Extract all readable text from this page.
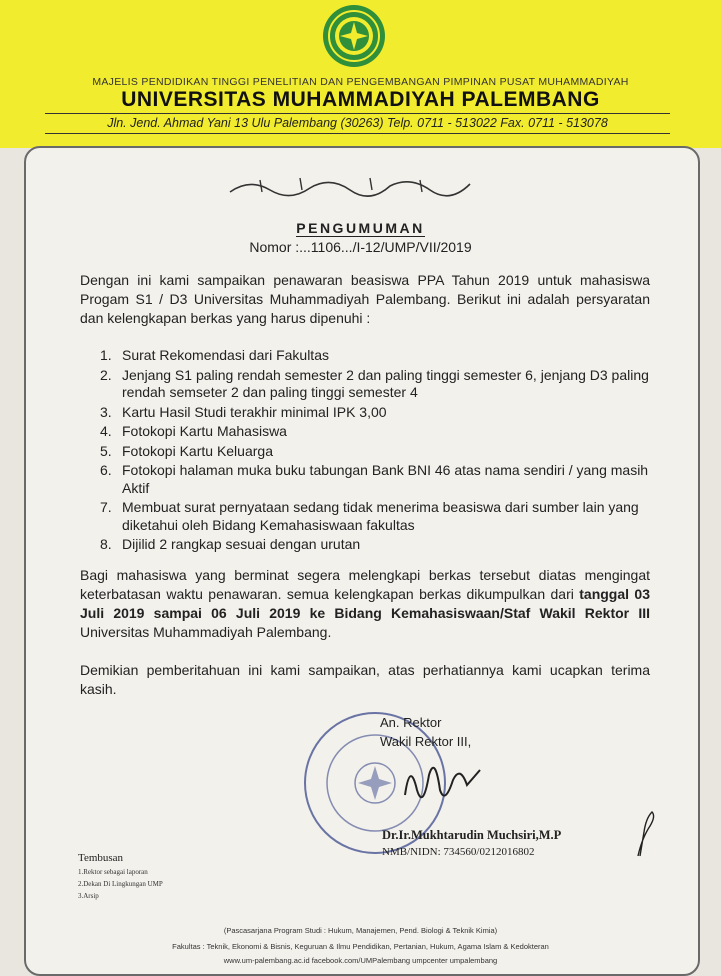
MAJELIS PENDIDIKAN TINGGI PENELITIAN DAN PENGEMBANGAN PIMPINAN PUSAT MUHAMMADIYAH
UNIVERSITAS MUHAMMADIYAH PALEMBANG
Jln. Jend. Ahmad Yani 13 Ulu Palembang (30263) Telp. 0711 - 513022 Fax. 0711 - 513078
PENGUMUMAN
Nomor :...1106.../I-12/UMP/VII/2019
Dengan ini kami sampaikan penawaran beasiswa PPA Tahun 2019 untuk mahasiswa Progam S1 / D3 Universitas Muhammadiyah Palembang. Berikut ini adalah persyaratan dan kelengkapan berkas yang harus dipenuhi :
1. Surat Rekomendasi dari Fakultas
2. Jenjang S1 paling rendah semester 2 dan paling tinggi semester 6, jenjang D3 paling rendah semseter 2 dan paling tinggi semester 4
3. Kartu Hasil Studi terakhir minimal IPK 3,00
4. Fotokopi Kartu Mahasiswa
5. Fotokopi Kartu Keluarga
6. Fotokopi halaman muka buku tabungan Bank BNI 46 atas nama sendiri / yang masih Aktif
7. Membuat surat pernyataan sedang tidak menerima beasiswa dari sumber lain yang diketahui oleh Bidang Kemahasiswaan fakultas
8. Dijilid 2 rangkap sesuai dengan urutan
Bagi mahasiswa yang berminat segera melengkapi berkas tersebut diatas mengingat keterbatasan waktu penawaran. semua kelengkapan berkas dikumpulkan dari tanggal 03 Juli 2019 sampai 06 Juli 2019 ke Bidang Kemahasiswaan/Staf Wakil Rektor III Universitas Muhammadiyah Palembang.
Demikian pemberitahuan ini kami sampaikan, atas perhatiannya kami ucapkan terima kasih.
An. Rektor
Wakil Rektor III,
Dr.Ir.Mukhtarudin Muchsiri,M.P
NMB/NIDN: 734560/0212016802
Tembusan
1.Rektor sebagai laporan
2.Dekan Di Lingkungan UMP
3.Arsip
(Pascasarjana Program Studi : Hukum, Manajemen, Pend. Biologi & Teknik Kimia)
Fakultas : Teknik, Ekonomi & Bisnis, Keguruan & Ilmu Pendidikan, Pertanian, Hukum, Agama Islam & Kedokteran
www.um-palembang.ac.id facebook.com/UMPalembang umpcenter umpalembang
